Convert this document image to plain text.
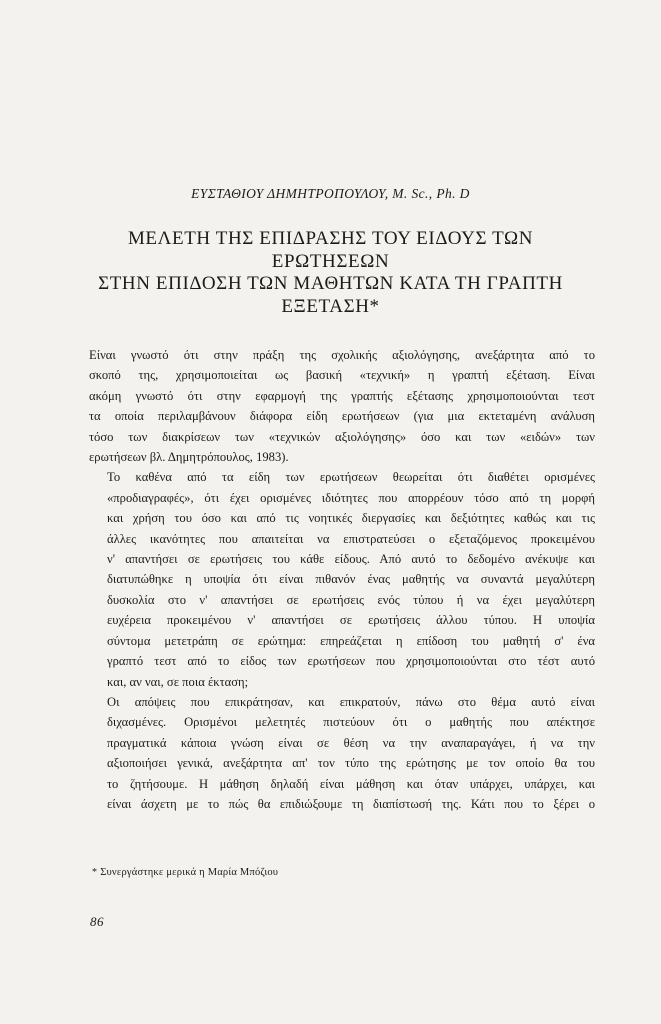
ΕΥΣΤΑΘΙΟΥ ΔΗΜΗΤΡΟΠΟΥΛΟΥ, M. Sc., Ph. D
ΜΕΛΕΤΗ ΤΗΣ ΕΠΙΔΡΑΣΗΣ ΤΟΥ ΕΙΔΟΥΣ ΤΩΝ
ΕΡΩΤΗΣΕΩΝ
ΣΤΗΝ ΕΠΙΔΟΣΗ ΤΩΝ ΜΑΘΗΤΩΝ ΚΑΤΑ ΤΗ ΓΡΑΠΤΗ
ΕΞΕΤΑΣΗ*

Είναι γνωστό ότι στην πράξη της σχολικής αξιολόγησης, ανεξάρτητα από το
σκοπό της, χρησιμοποιείται ως βασική «τεχνική» η γραπτή εξέταση. Είναι
ακόμη γνωστό ότι στην εφαρμογή της γραπτής εξέτασης χρησιμοποιούνται τεστ
τα οποία περιλαμβάνουν διάφορα είδη ερωτήσεων (για μια εκτεταμένη ανάλυση
τόσο των διακρίσεων των «τεχνικών αξιολόγησης» όσο και των «ειδών» των
ερωτήσεων βλ. Δημητρόπουλος, 1983).

Το καθένα από τα είδη των ερωτήσεων θεωρείται ότι διαθέτει ορισμένες
«προδιαγραφές», ότι έχει ορισμένες ιδιότητες που απορρέουν τόσο από τη μορφή
και χρήση του όσο και από τις νοητικές διεργασίες και δεξιότητες καθώς και τις
άλλες ικανότητες που απαιτείται να επιστρατεύσει ο εξεταζόμενος προκειμένου
ν' απαντήσει σε ερωτήσεις του κάθε είδους. Από αυτό το δεδομένο ανέκυψε και
διατυπώθηκε η υποψία ότι είναι πιθανόν ένας μαθητής να συναντά μεγαλύτερη
δυσκολία στο ν' απαντήσει σε ερωτήσεις ενός τύπου ή να έχει μεγαλύτερη
ευχέρεια προκειμένου ν' απαντήσει σε ερωτήσεις άλλου τύπου. Η υποψία
σύντομα μετετράπη σε ερώτημα: επηρεάζεται η επίδοση του μαθητή σ' ένα
γραπτό τεστ από το είδος των ερωτήσεων που χρησιμοποιούνται στο τέστ αυτό
και, αν ναι, σε ποια έκταση;

Οι απόψεις που επικράτησαν, και επικρατούν, πάνω στο θέμα αυτό είναι
διχασμένες. Ορισμένοι μελετητές πιστεύουν ότι ο μαθητής που απέκτησε
πραγματικά κάποια γνώση είναι σε θέση να την αναπαραγάγει, ή να την
αξιοποιήσει γενικά, ανεξάρτητα απ' τον τύπο της ερώτησης με τον οποίο θα του
το ζητήσουμε. Η μάθηση δηλαδή είναι μάθηση και όταν υπάρχει, υπάρχει, και
είναι άσχετη με το πώς θα επιδιώξουμε τη διαπίστωσή της. Κάτι που το ξέρει ο

* Συνεργάστηκε μερικά η Μαρία Μπόζιου
86
